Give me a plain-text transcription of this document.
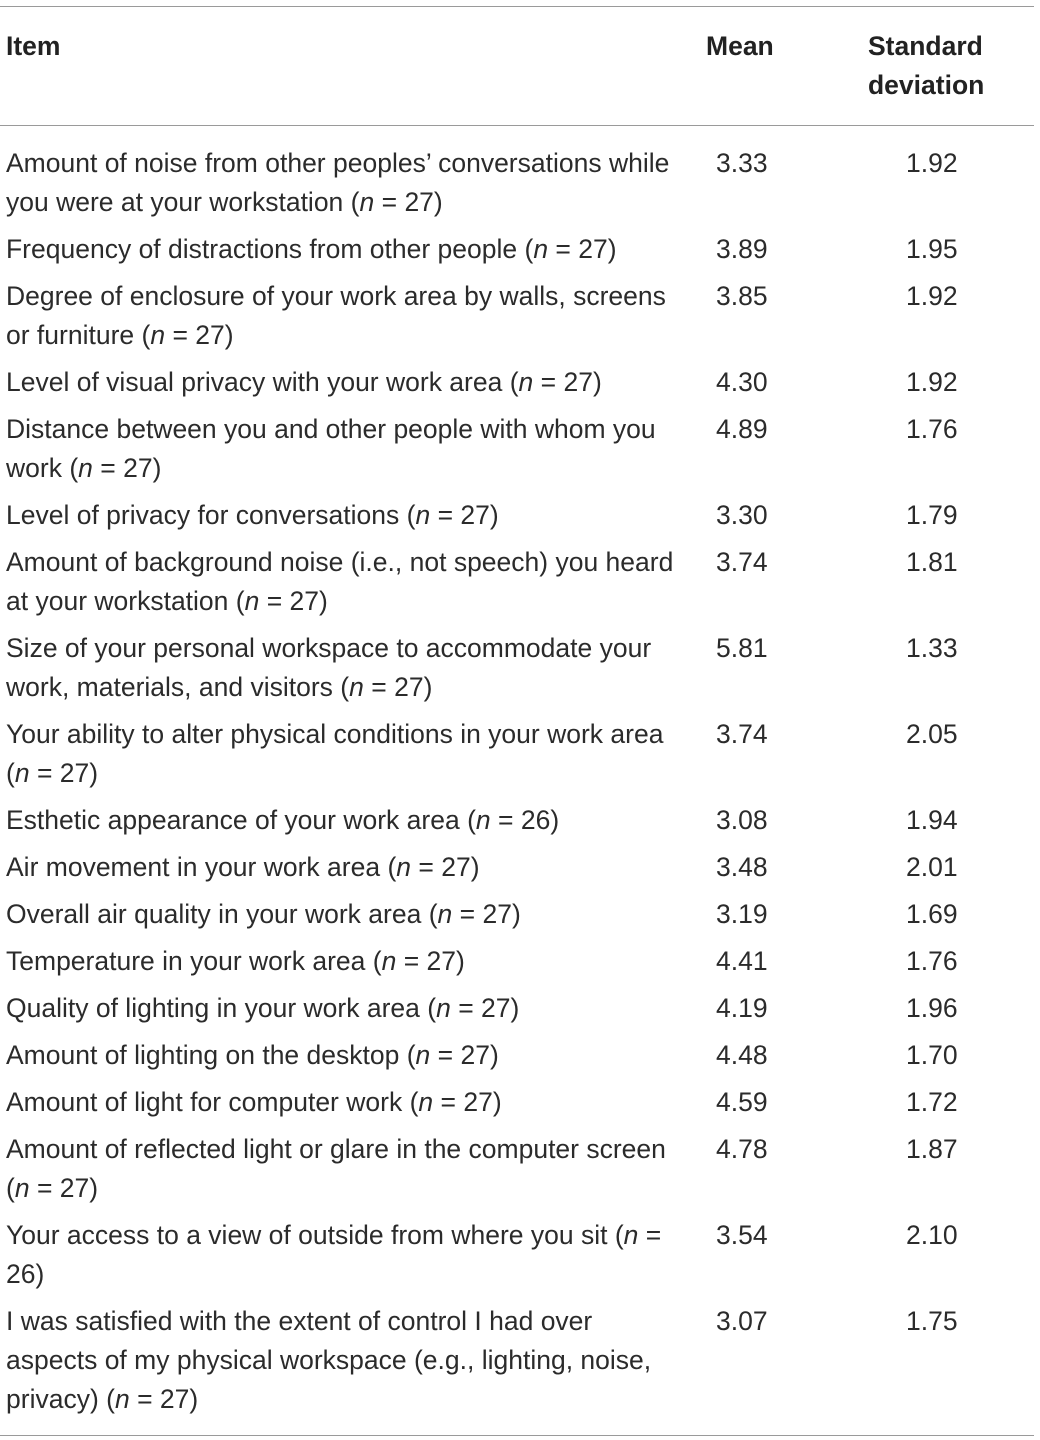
Item	Mean	Standard deviation
Amount of noise from other peoples’ conversations while you were at your workstation (n = 27)	3.33	1.92
Frequency of distractions from other people (n = 27)	3.89	1.95
Degree of enclosure of your work area by walls, screens or furniture (n = 27)	3.85	1.92
Level of visual privacy with your work area (n = 27)	4.30	1.92
Distance between you and other people with whom you work (n = 27)	4.89	1.76
Level of privacy for conversations (n = 27)	3.30	1.79
Amount of background noise (i.e., not speech) you heard at your workstation (n = 27)	3.74	1.81
Size of your personal workspace to accommodate your work, materials, and visitors (n = 27)	5.81	1.33
Your ability to alter physical conditions in your work area (n = 27)	3.74	2.05
Esthetic appearance of your work area (n = 26)	3.08	1.94
Air movement in your work area (n = 27)	3.48	2.01
Overall air quality in your work area (n = 27)	3.19	1.69
Temperature in your work area (n = 27)	4.41	1.76
Quality of lighting in your work area (n = 27)	4.19	1.96
Amount of lighting on the desktop (n = 27)	4.48	1.70
Amount of light for computer work (n = 27)	4.59	1.72
Amount of reflected light or glare in the computer screen (n = 27)	4.78	1.87
Your access to a view of outside from where you sit (n = 26)	3.54	2.10
I was satisfied with the extent of control I had over aspects of my physical workspace (e.g., lighting, noise, privacy) (n = 27)	3.07	1.75
